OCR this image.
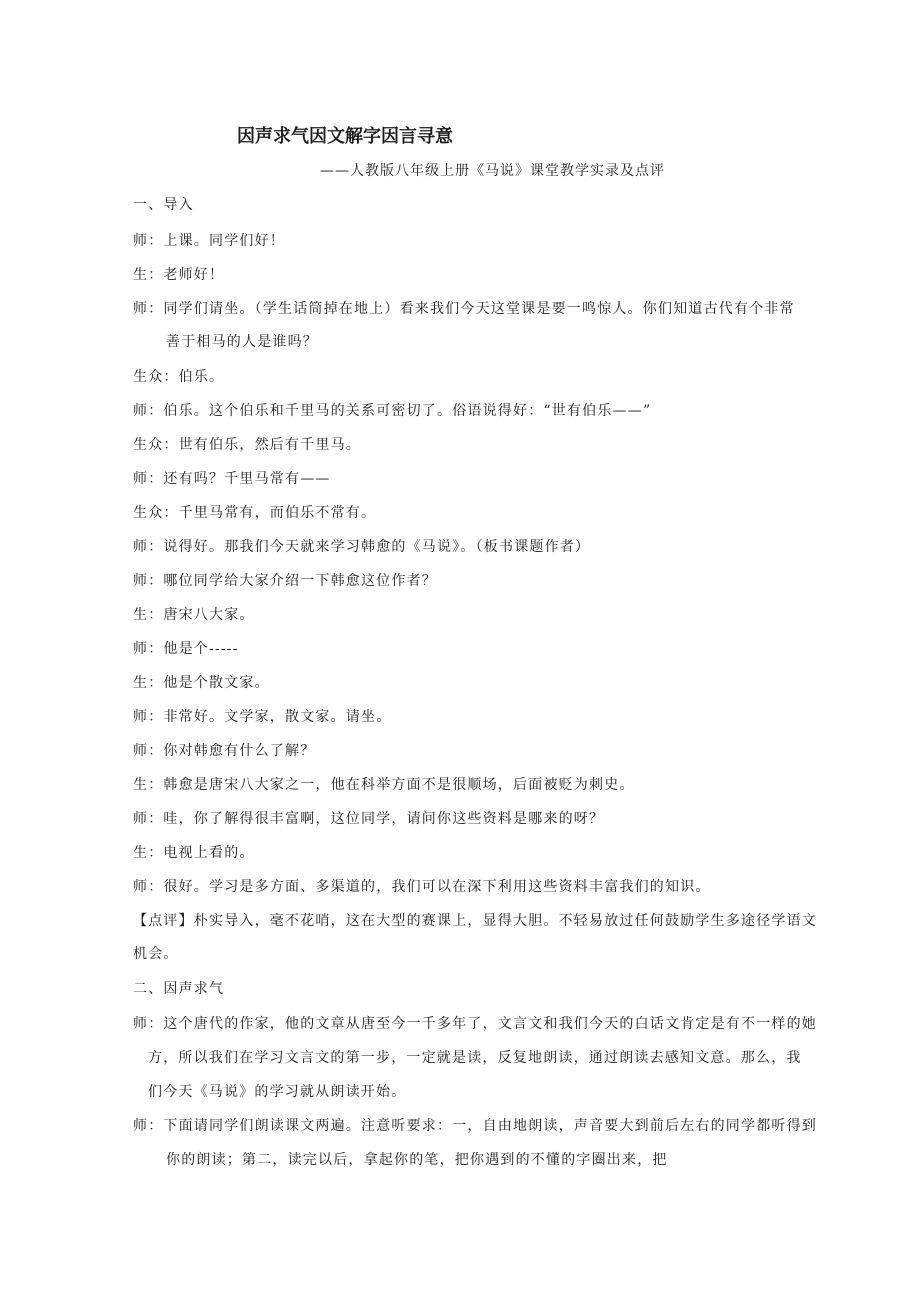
因声求气因文解字因言寻意
——人教版八年级上册《马说》课堂教学实录及点评
一、导入
师：上课。同学们好！
生：老师好！
师：同学们请坐。（学生话筒掉在地上）看来我们今天这堂课是要一鸣惊人。你们知道古代有个非常
善于相马的人是谁吗？
生众：伯乐。
师：伯乐。这个伯乐和千里马的关系可密切了。俗语说得好：“世有伯乐——”
生众：世有伯乐，然后有千里马。
师：还有吗？千里马常有——
生众：千里马常有，而伯乐不常有。
师：说得好。那我们今天就来学习韩愈的《马说》。（板书课题作者）
师：哪位同学给大家介绍一下韩愈这位作者？
生：唐宋八大家。
师：他是个-----
生：他是个散文家。
师：非常好。文学家，散文家。请坐。
师：你对韩愈有什么了解？
生：韩愈是唐宋八大家之一，他在科举方面不是很顺场，后面被贬为刺史。
师：哇，你了解得很丰富啊，这位同学，请问你这些资料是哪来的呀？
生：电视上看的。
师：很好。学习是多方面、多渠道的，我们可以在深下利用这些资料丰富我们的知识。
【点评】朴实导入，毫不花哨，这在大型的赛课上，显得大胆。不轻易放过任何鼓励学生多途径学语文
机会。
二、因声求气
师：这个唐代的作家，他的文章从唐至今一千多年了，文言文和我们今天的白话文肯定是有不一样的她
方，所以我们在学习文言文的第一步，一定就是读，反复地朗读，通过朗读去感知文意。那么，我
们今天《马说》的学习就从朗读开始。
师：下面请同学们朗读课文两遍。注意听要求：一，自由地朗读，声音要大到前后左右的同学都听得到
你的朗读；第二，读完以后，拿起你的笔，把你遇到的不懂的字圈出来，把
